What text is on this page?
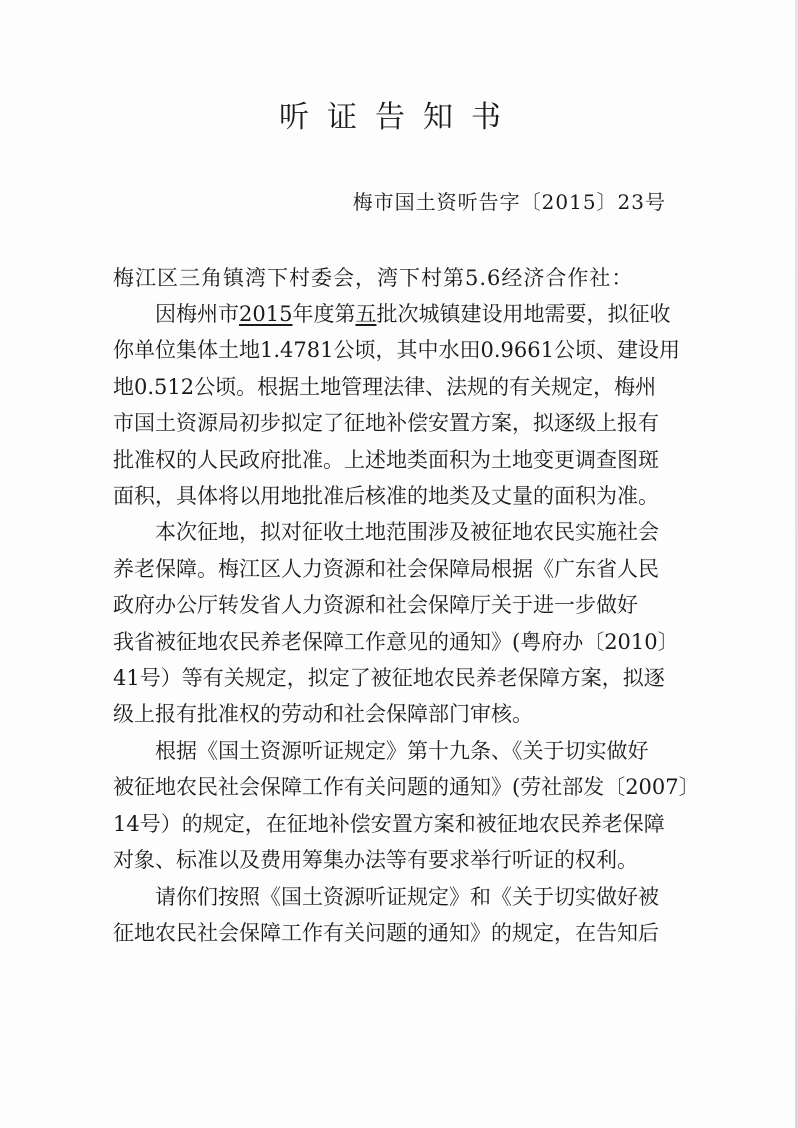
听证告知书
梅市国土资听告字〔2015〕23号
梅江区三角镇湾下村委会，湾下村第5.6经济合作社：

因梅州市2015年度第五批次城镇建设用地需要，拟征收
你单位集体土地1.4781公顷，其中水田0.9661公顷、建设用
地0.512公顷。根据土地管理法律、法规的有关规定，梅州
市国土资源局初步拟定了征地补偿安置方案，拟逐级上报有
批准权的人民政府批准。上述地类面积为土地变更调查图斑
面积，具体将以用地批准后核准的地类及丈量的面积为准。

本次征地，拟对征收土地范围涉及被征地农民实施社会
养老保障。梅江区人力资源和社会保障局根据《广东省人民
政府办公厅转发省人力资源和社会保障厅关于进一步做好
我省被征地农民养老保障工作意见的通知》(粤府办〔2010〕
41号）等有关规定，拟定了被征地农民养老保障方案，拟逐
级上报有批准权的劳动和社会保障部门审核。

根据《国土资源听证规定》第十九条、《关于切实做好
被征地农民社会保障工作有关问题的通知》(劳社部发〔2007〕
14号）的规定，在征地补偿安置方案和被征地农民养老保障
对象、标准以及费用筹集办法等有要求举行听证的权利。

请你们按照《国土资源听证规定》和《关于切实做好被
征地农民社会保障工作有关问题的通知》的规定，在告知后
